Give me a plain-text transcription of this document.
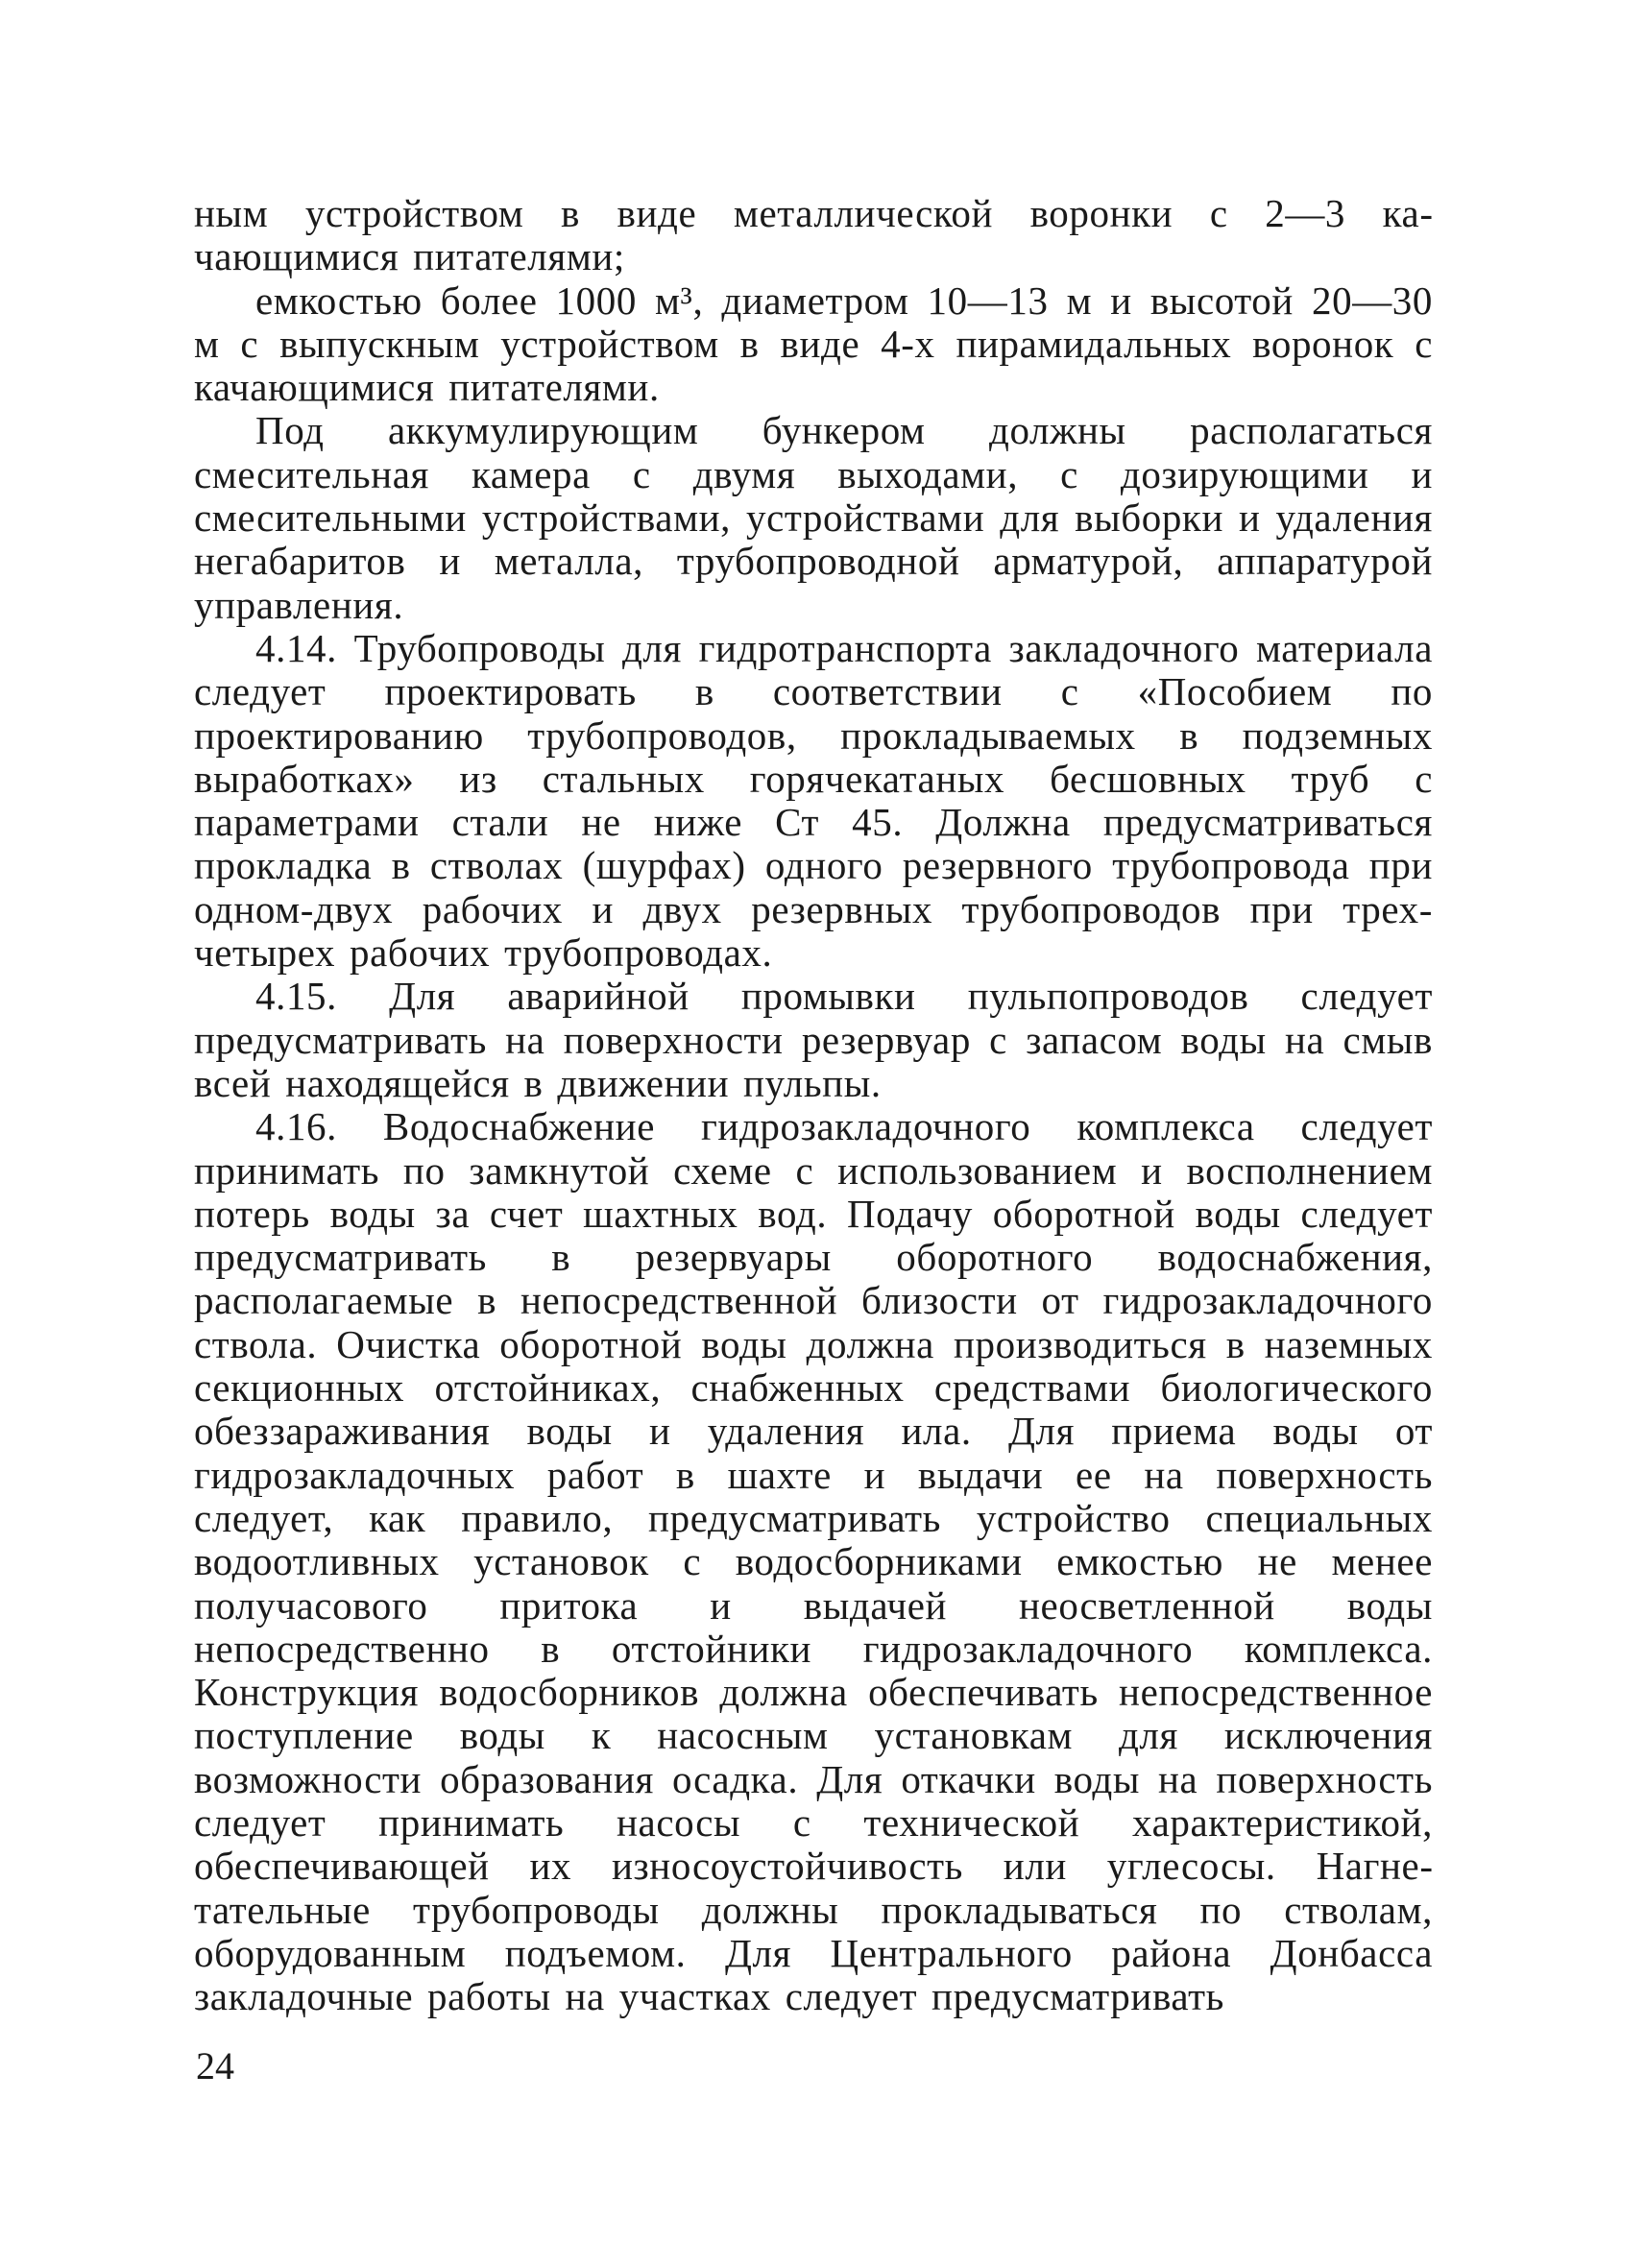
ным устройством в виде металлической воронки с 2—3 качающимися питателями;

емкостью более 1000 м³, диаметром 10—13 м и высотой 20—30 м с выпускным устройством в виде 4-х пирамидальных воронок с качающимися питателями.

Под аккумулирующим бункером должны располагаться смесительная камера с двумя выходами, с дозирующими и смесительными устройствами, устройствами для выборки и удаления негабаритов и металла, трубопроводной арматурой, аппаратурой управления.

4.14. Трубопроводы для гидротранспорта закладочного материала следует проектировать в соответствии с «Пособием по проектированию трубопроводов, прокладываемых в подземных выработках» из стальных горячекатаных бесшовных труб с параметрами стали не ниже Ст 45. Должна предусматриваться прокладка в стволах (шурфах) одного резервного трубопровода при одном-двух рабочих и двух резервных трубопроводов при трех-четырех рабочих трубопроводах.

4.15. Для аварийной промывки пульпопроводов следует предусматривать на поверхности резервуар с запасом воды на смыв всей находящейся в движении пульпы.

4.16. Водоснабжение гидрозакладочного комплекса следует принимать по замкнутой схеме с использованием и восполнением потерь воды за счет шахтных вод. Подачу оборотной воды следует предусматривать в резервуары оборотного водоснабжения, располагаемые в непосредственной близости от гидрозакладочного ствола. Очистка оборотной воды должна производиться в наземных секционных отстойниках, снабженных средствами биологического обеззараживания воды и удаления ила. Для приема воды от гидрозакладочных работ в шахте и выдачи ее на поверхность следует, как правило, предусматривать устройство специальных водоотливных установок с водосборниками емкостью не менее получасового притока и выдачей неосветленной воды непосредственно в отстойники гидрозакладочного комплекса. Конструкция водосборников должна обеспечивать непосредственное поступление воды к насосным установкам для исключения возможности образования осадка. Для откачки воды на поверхность следует принимать насосы с технической характеристикой, обеспечивающей их износоустойчивость или углесосы. Нагнетательные трубопроводы должны прокладываться по стволам, оборудованным подъемом. Для Центрального района Донбасса закладочные работы на участках следует предусматривать

24
